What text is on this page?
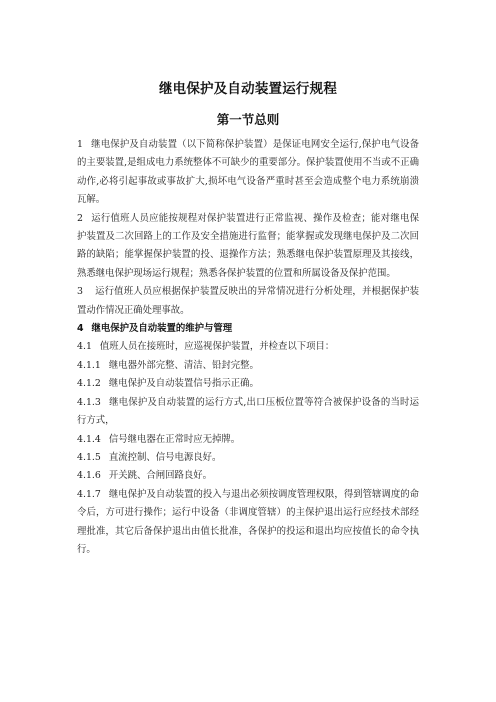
继电保护及自动装置运行规程
第一节总则

1 继电保护及自动装置（以下简称保护装置）是保证电网安全运行,保护电气设备的主要装置,是组成电力系统整体不可缺少的重要部分。保护装置使用不当或不正确动作,必将引起事故或事故扩大,损坏电气设备严重时甚至会造成整个电力系统崩溃瓦解。

2 运行值班人员应能按规程对保护装置进行正常监视、操作及检查；能对继电保护装置及二次回路上的工作及安全措施进行监督；能掌握或发现继电保护及二次回路的缺陷；能掌握保护装置的投、退操作方法；熟悉继电保护装置原理及其接线，熟悉继电保护现场运行规程；熟悉各保护装置的位置和所属设备及保护范围。

3 运行值班人员应根据保护装置反映出的异常情况进行分析处理，并根据保护装置动作情况正确处理事故。

4 继电保护及自动装置的维护与管理

4.1 值班人员在接班时，应巡视保护装置，并检查以下项目：

4.1.1 继电器外部完整、清洁、铅封完整。

4.1.2 继电保护及自动装置信号指示正确。

4.1.3 继电保护及自动装置的运行方式,出口压板位置等符合被保护设备的当时运行方式，

4.1.4 信号继电器在正常时应无掉牌。

4.1.5 直流控制、信号电源良好。

4.1.6 开关跳、合闸回路良好。

4.1.7 继电保护及自动装置的投入与退出必须按调度管理权限，得到管辖调度的命令后，方可进行操作；运行中设备（非调度管辖）的主保护退出运行应经技术部经理批准，其它后备保护退出由值长批准，各保护的投运和退出均应按值长的命令执行。
